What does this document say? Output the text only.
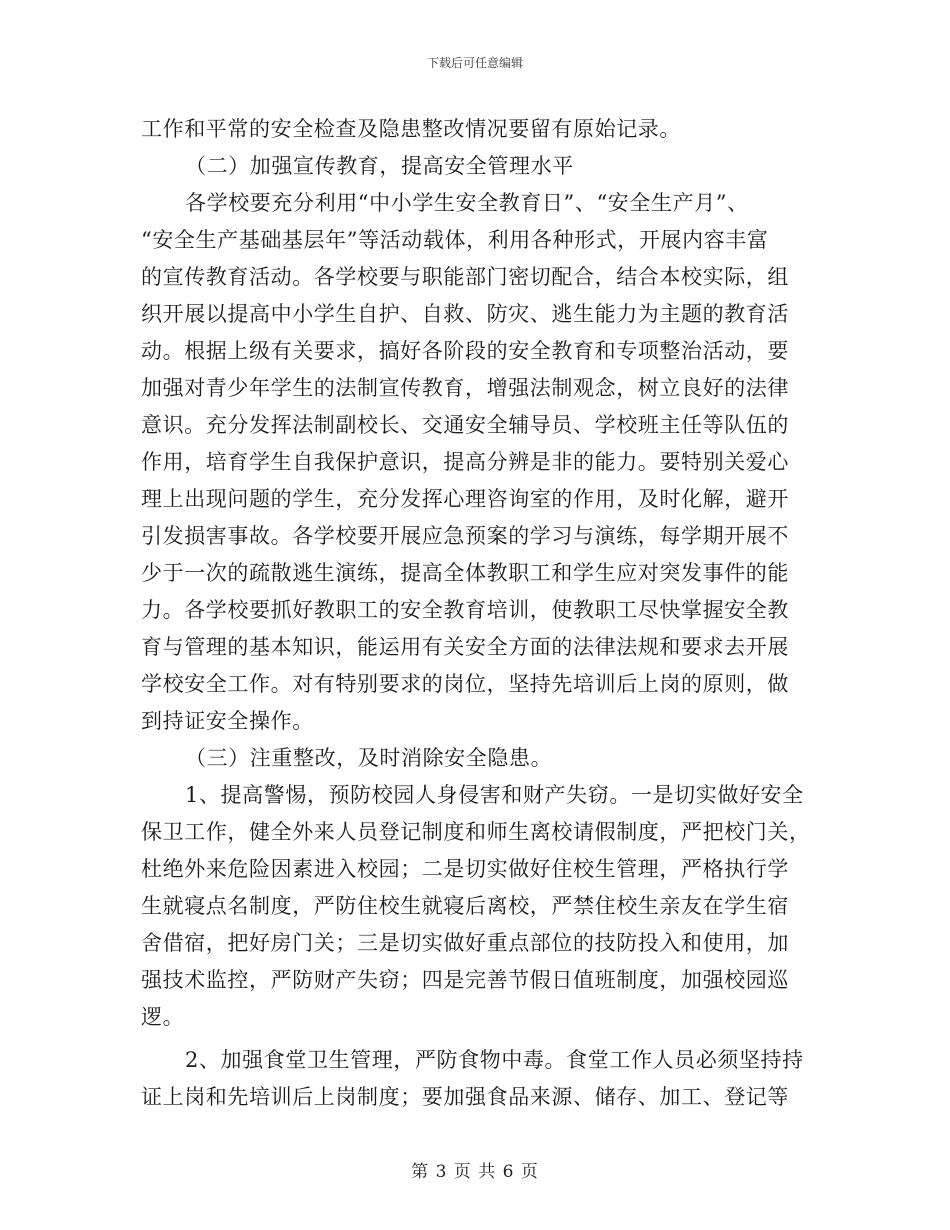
下载后可任意编辑
工作和平常的安全检查及隐患整改情况要留有原始记录。
（二）加强宣传教育，提高安全管理水平
各学校要充分利用“中小学生安全教育日”、“安全生产月”、
“安全生产基础基层年”等活动载体，利用各种形式，开展内容丰富
的宣传教育活动。各学校要与职能部门密切配合，结合本校实际，组
织开展以提高中小学生自护、自救、防灾、逃生能力为主题的教育活
动。根据上级有关要求，搞好各阶段的安全教育和专项整治活动，要
加强对青少年学生的法制宣传教育，增强法制观念，树立良好的法律
意识。充分发挥法制副校长、交通安全辅导员、学校班主任等队伍的
作用，培育学生自我保护意识，提高分辨是非的能力。要特别关爱心
理上出现问题的学生，充分发挥心理咨询室的作用，及时化解，避开
引发损害事故。各学校要开展应急预案的学习与演练，每学期开展不
少于一次的疏散逃生演练，提高全体教职工和学生应对突发事件的能
力。各学校要抓好教职工的安全教育培训，使教职工尽快掌握安全教
育与管理的基本知识，能运用有关安全方面的法律法规和要求去开展
学校安全工作。对有特别要求的岗位，坚持先培训后上岗的原则，做
到持证安全操作。
（三）注重整改，及时消除安全隐患。
1、提高警惕，预防校园人身侵害和财产失窃。一是切实做好安全
保卫工作，健全外来人员登记制度和师生离校请假制度，严把校门关，
杜绝外来危险因素进入校园；二是切实做好住校生管理，严格执行学
生就寝点名制度，严防住校生就寝后离校，严禁住校生亲友在学生宿
舍借宿，把好房门关；三是切实做好重点部位的技防投入和使用，加
强技术监控，严防财产失窃；四是完善节假日值班制度，加强校园巡
逻。
2、加强食堂卫生管理，严防食物中毒。食堂工作人员必须坚持持
证上岗和先培训后上岗制度；要加强食品来源、储存、加工、登记等
第 3 页 共 6 页
